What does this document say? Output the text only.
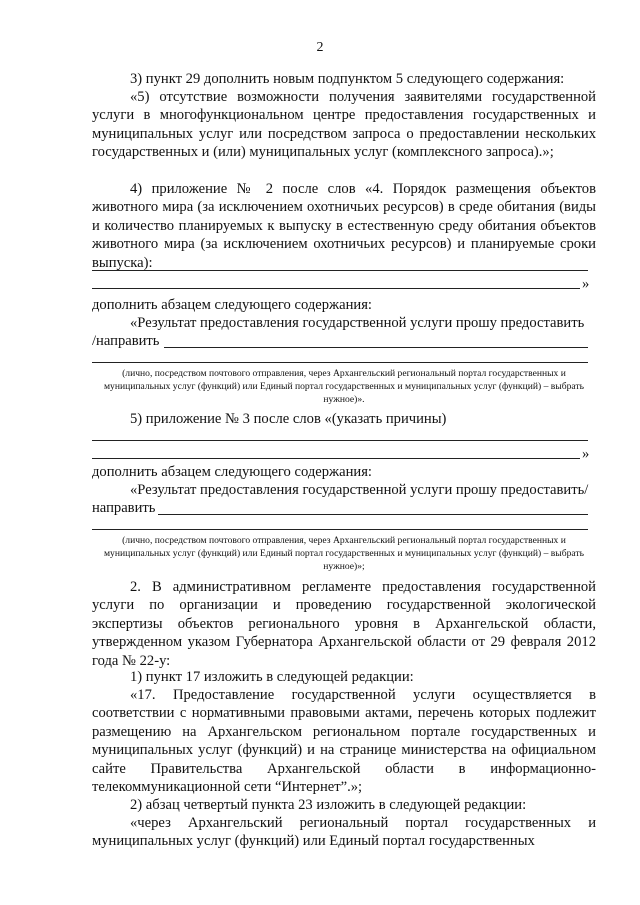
2

3) пункт 29 дополнить новым подпунктом 5 следующего содержания:

«5) отсутствие возможности получения заявителями государственной услуги в многофункциональном центре предоставления государственных и муниципальных услуг или посредством запроса о предоставлении нескольких государственных и (или) муниципальных услуг (комплексного запроса).»;

4) приложение № 2 после слов «4. Порядок размещения объектов животного мира (за исключением охотничьих ресурсов) в среде обитания (виды и количество планируемых к выпуску в естественную среду обитания объектов животного мира (за исключением охотничьих ресурсов) и планируемые сроки выпуска):

»

дополнить абзацем следующего содержания:

«Результат предоставления государственной услуги прошу предоставить

/направить

(лично, посредством почтового отправления, через Архангельский региональный портал государственных и муниципальных услуг (функций) или Единый портал государственных и муниципальных услуг (функций) – выбрать нужное)».

5) приложение № 3 после слов «(указать причины)

»

дополнить абзацем следующего содержания:

«Результат предоставления государственной услуги прошу предоставить/

направить

(лично, посредством почтового отправления, через Архангельский региональный портал государственных и муниципальных услуг (функций) или Единый портал государственных и муниципальных услуг (функций) – выбрать нужное)»;

2. В административном регламенте предоставления государственной услуги по организации и проведению государственной экологической экспертизы объектов регионального уровня в Архангельской области, утвержденном указом Губернатора Архангельской области от 29 февраля 2012 года № 22-у:

1) пункт 17 изложить в следующей редакции:

«17. Предоставление государственной услуги осуществляется в соответствии с нормативными правовыми актами, перечень которых подлежит размещению на Архангельском региональном портале государственных и муниципальных услуг (функций) и на странице министерства на официальном сайте Правительства Архангельской области в информационно-телекоммуникационной сети “Интернет”.»;

2) абзац четвертый пункта 23 изложить в следующей редакции:

«через Архангельский региональный портал государственных и муниципальных услуг (функций) или Единый портал государственных
